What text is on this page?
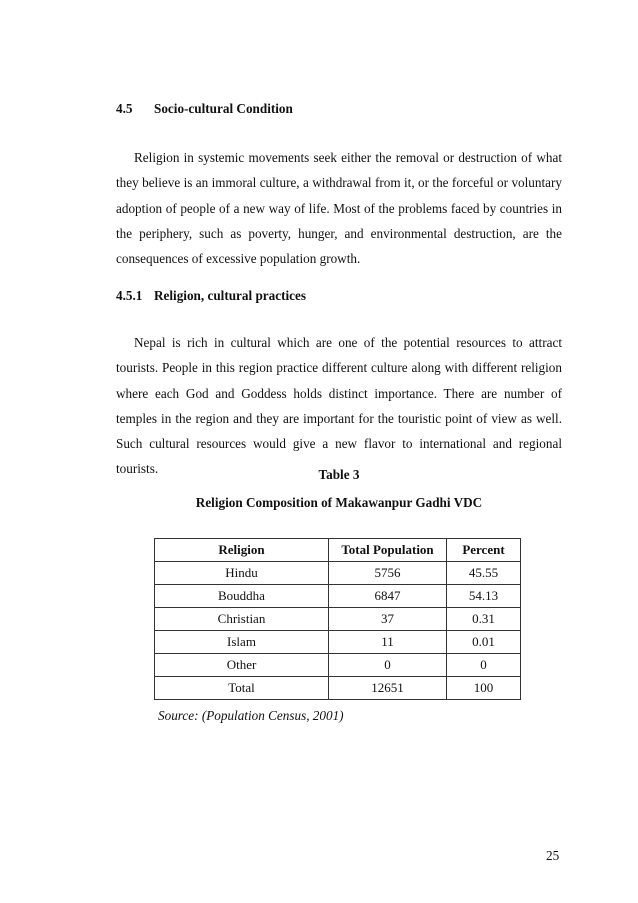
4.5 Socio-cultural Condition

Religion in systemic movements seek either the removal or destruction of what they believe is an immoral culture, a withdrawal from it, or the forceful or voluntary adoption of people of a new way of life. Most of the problems faced by countries in the periphery, such as poverty, hunger, and environmental destruction, are the consequences of excessive population growth.

4.5.1 Religion, cultural practices

Nepal is rich in cultural which are one of the potential resources to attract tourists. People in this region practice different culture along with different religion where each God and Goddess holds distinct importance. There are number of temples in the region and they are important for the touristic point of view as well. Such cultural resources would give a new flavor to international and regional tourists.	Table 3
Religion Composition of Makawanpur Gadhi VDC
Religion	Total Population	Percent
Hindu	5756	45.55
Bouddha	6847	54.13
Christian	37	0.31
Islam	11	0.01
Other	0	0
Total	12651	100
Source: (Population Census, 2001)
25
